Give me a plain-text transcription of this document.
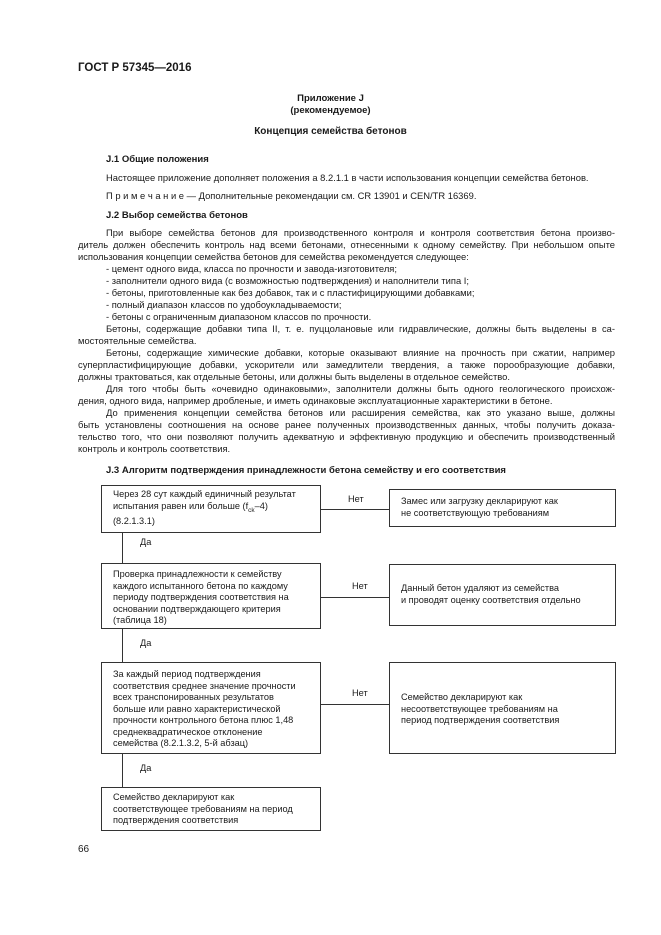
ГОСТ Р 57345—2016
Приложение J
(рекомендуемое)
Концепция семейства бетонов
J.1 Общие положения
Настоящее приложение дополняет положения а 8.2.1.1 в части использования концепции семейства бетонов.
П р и м е ч а н и е — Дополнительные рекомендации см. CR 13901 и CEN/TR 16369.
J.2 Выбор семейства бетонов
При выборе семейства бетонов для производственного контроля и контроля соответствия бетона произво-
дитель должен обеспечить контроль над всеми бетонами, отнесенными к одному семейству. При небольшом опыте
использования концепции семейства бетонов для семейства рекомендуется следующее:
- цемент одного вида, класса по прочности и завода-изготовителя;
- заполнители одного вида (с возможностью подтверждения) и наполнители типа I;
- бетоны, приготовленные как без добавок, так и с пластифицирующими добавками;
- полный диапазон классов по удобоукладываемости;
- бетоны с ограниченным диапазоном классов по прочности.
Бетоны, содержащие добавки типа II, т. е. пуццолановые или гидравлические, должны быть выделены в са-
мостоятельные семейства.
Бетоны, содержащие химические добавки, которые оказывают влияние на прочность при сжатии, например
суперпластифицирующие добавки, ускорители или замедлители твердения, а также порообразующие добавки,
должны трактоваться, как отдельные бетоны, или должны быть выделены в отдельное семейство.
Для того чтобы быть «очевидно одинаковыми», заполнители должны быть одного геологического происхож-
дения, одного вида, например дробленые, и иметь одинаковые эксплуатационные характеристики в бетоне.
До применения концепции семейства бетонов или расширения семейства, как это указано выше, должны
быть установлены соотношения на основе ранее полученных производственных данных, чтобы получить доказа-
тельство того, что они позволяют получить адекватную и эффективную продукцию и обеспечить производственный
контроль и контроль соответствия.
J.3 Алгоритм подтверждения принадлежности бетона семейству и его соответствия
Через 28 сут каждый единичный результат
испытания равен или больше $(f_{ck}-4)$
(8.2.1.3.1)
Нет	Замес или загрузку декларируют как
не соответствующую требованиям
Да
Проверка принадлежности к семейству
каждого испытанного бетона по каждому
периоду подтверждения соответствия на
основании подтверждающего критерия
(таблица 18)
Нет	Данный бетон удаляют из семейства
и проводят оценку соответствия отдельно
Да
За каждый период подтверждения
соответствия среднее значение прочности
всех транспонированных результатов
больше или равно характеристической
прочности контрольного бетона плюс 1,48
среднеквадратическое отклонение
семейства (8.2.1.3.2, 5-й абзац)
Нет	Семейство декларируют как
несоответствующее требованиям на
период подтверждения соответствия
Да
Семейство декларируют как
соответствующее требованиям на период
подтверждения соответствия
66
